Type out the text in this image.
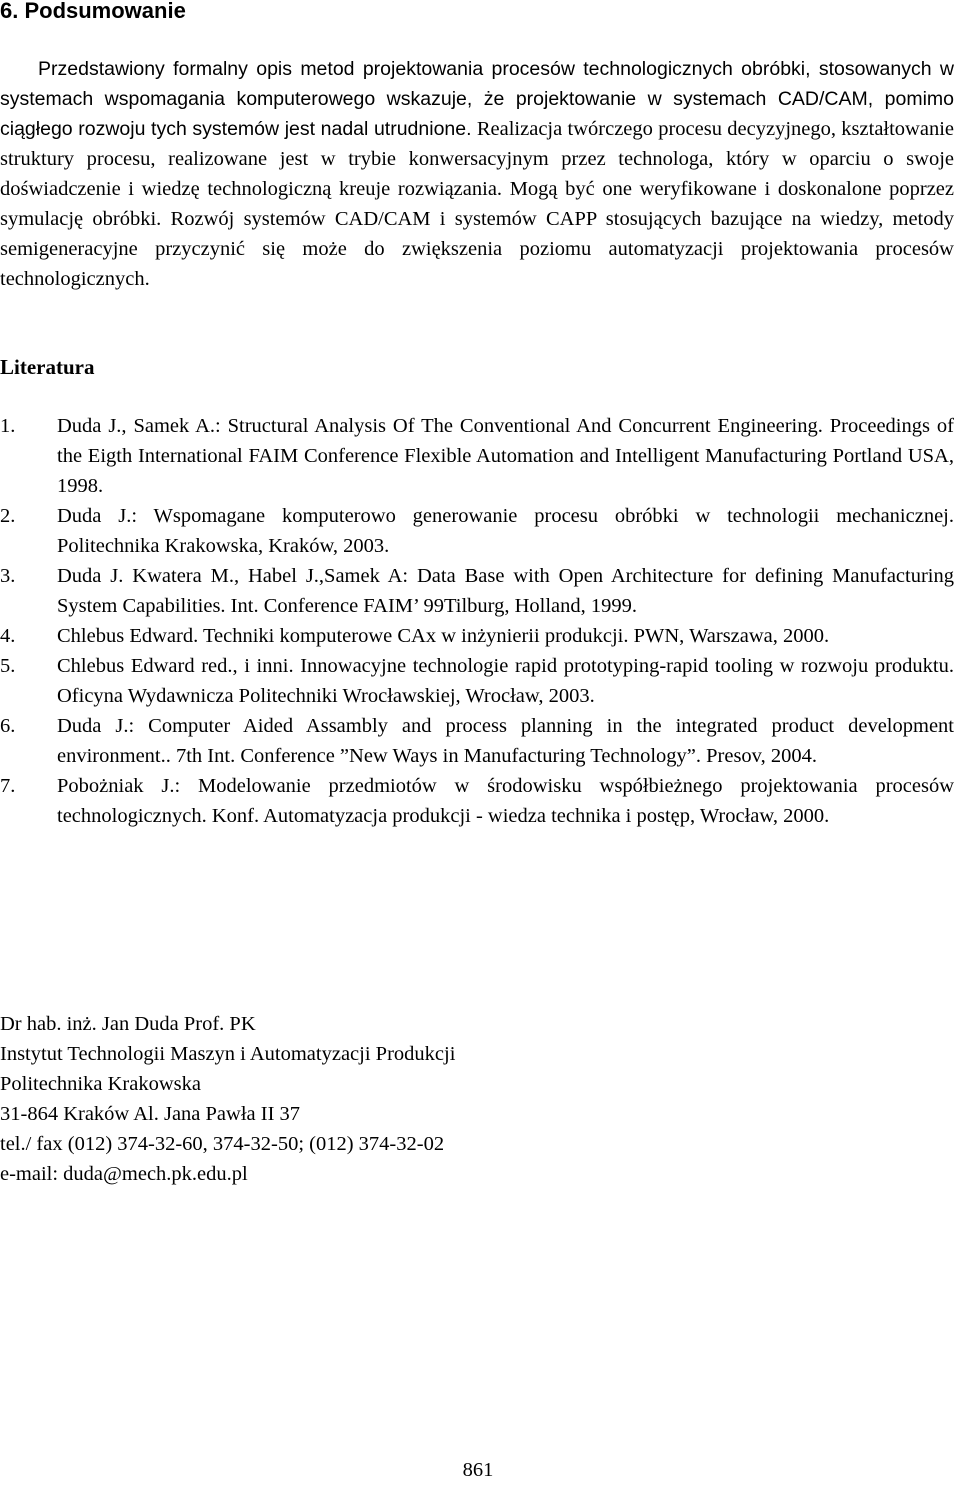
6. Podsumowanie

Przedstawiony formalny opis metod projektowania procesów technologicznych obróbki, stosowanych w systemach wspomagania komputerowego wskazuje, że projektowanie w systemach CAD/CAM, pomimo ciągłego rozwoju tych systemów jest nadal utrudnione. Realizacja twórczego procesu decyzyjnego, kształtowanie struktury procesu, realizowane jest w trybie konwersacyjnym przez technologa, który w oparciu o swoje doświadczenie i wiedzę technologiczną kreuje rozwiązania. Mogą być one weryfikowane i doskonalone poprzez symulację obróbki. Rozwój systemów CAD/CAM i systemów CAPP stosujących bazujące na wiedzy, metody semigeneracyjne przyczynić się może do zwiększenia poziomu automatyzacji projektowania procesów technologicznych.

Literatura
1. Duda J., Samek A.: Structural Analysis Of The Conventional And Concurrent Engineering. Proceedings of the Eigth International FAIM Conference Flexible Automation and Intelligent Manufacturing Portland USA, 1998.
2. Duda J.: Wspomagane komputerowo generowanie procesu obróbki w technologii mechanicznej. Politechnika Krakowska, Kraków, 2003.
3. Duda J. Kwatera M., Habel J.,Samek A: Data Base with Open Architecture for defining Manufacturing System Capabilities. Int. Conference FAIM’ 99Tilburg, Holland, 1999.
4. Chlebus Edward. Techniki komputerowe CAx w inżynierii produkcji. PWN, Warszawa, 2000.
5. Chlebus Edward red., i inni. Innowacyjne technologie rapid prototyping-rapid tooling w rozwoju produktu. Oficyna Wydawnicza Politechniki Wrocławskiej, Wrocław, 2003.
6. Duda J.: Computer Aided Assambly and process planning in the integrated product development environment.. 7th Int. Conference ”New Ways in Manufacturing Technology”. Presov, 2004.
7. Pobożniak J.: Modelowanie przedmiotów w środowisku współbieżnego projektowania procesów technologicznych. Konf. Automatyzacja produkcji - wiedza technika i postęp, Wrocław, 2000.
Dr hab. inż. Jan Duda Prof. PK
Instytut Technologii Maszyn i Automatyzacji Produkcji
Politechnika Krakowska
31-864 Kraków Al. Jana Pawła II 37
tel./ fax (012) 374-32-60, 374-32-50; (012) 374-32-02
e-mail: duda@mech.pk.edu.pl

861
